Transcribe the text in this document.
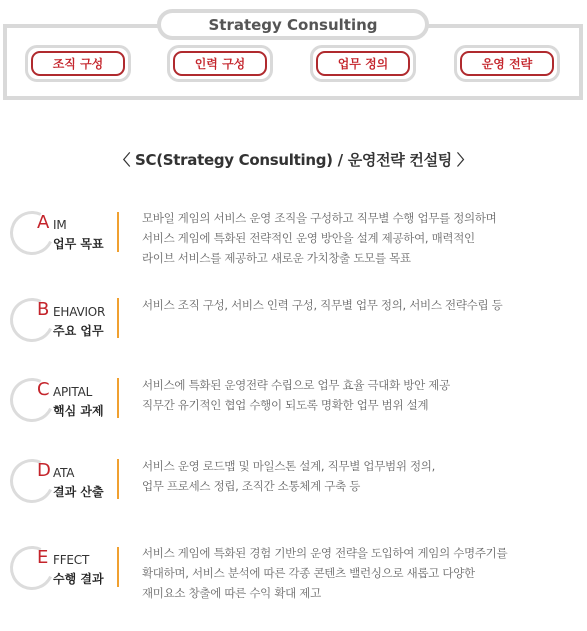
Strategy Consulting
조직 구성	인력 구성	업무 정의	운영 전략
〈 SC(Strategy Consulting) / 운영전략 컨설팅 〉
A IM
업무 목표
모바일 게임의 서비스 운영 조직을 구성하고 직무별 수행 업무를 정의하며
서비스 게임에 특화된 전략적인 운영 방안을 설계 제공하여, 매력적인
라이브 서비스를 제공하고 새로운 가치창출 도모를 목표
B EHAVIOR
주요 업무
서비스 조직 구성, 서비스 인력 구성, 직무별 업무 정의, 서비스 전략수립 등
C APITAL
핵심 과제
서비스에 특화된 운영전략 수립으로 업무 효율 극대화 방안 제공
직무간 유기적인 협업 수행이 되도록 명확한 업무 범위 설계
D ATA
결과 산출
서비스 운영 로드맵 및 마일스톤 설계, 직무별 업무범위 정의,
업무 프로세스 정립, 조직간 소통체계 구축 등
E FFECT
수행 결과
서비스 게임에 특화된 경험 기반의 운영 전략을 도입하여 게임의 수명주기를
확대하며, 서비스 분석에 따른 각종 콘텐츠 밸런싱으로 새롭고 다양한
재미요소 창출에 따른 수익 확대 제고
